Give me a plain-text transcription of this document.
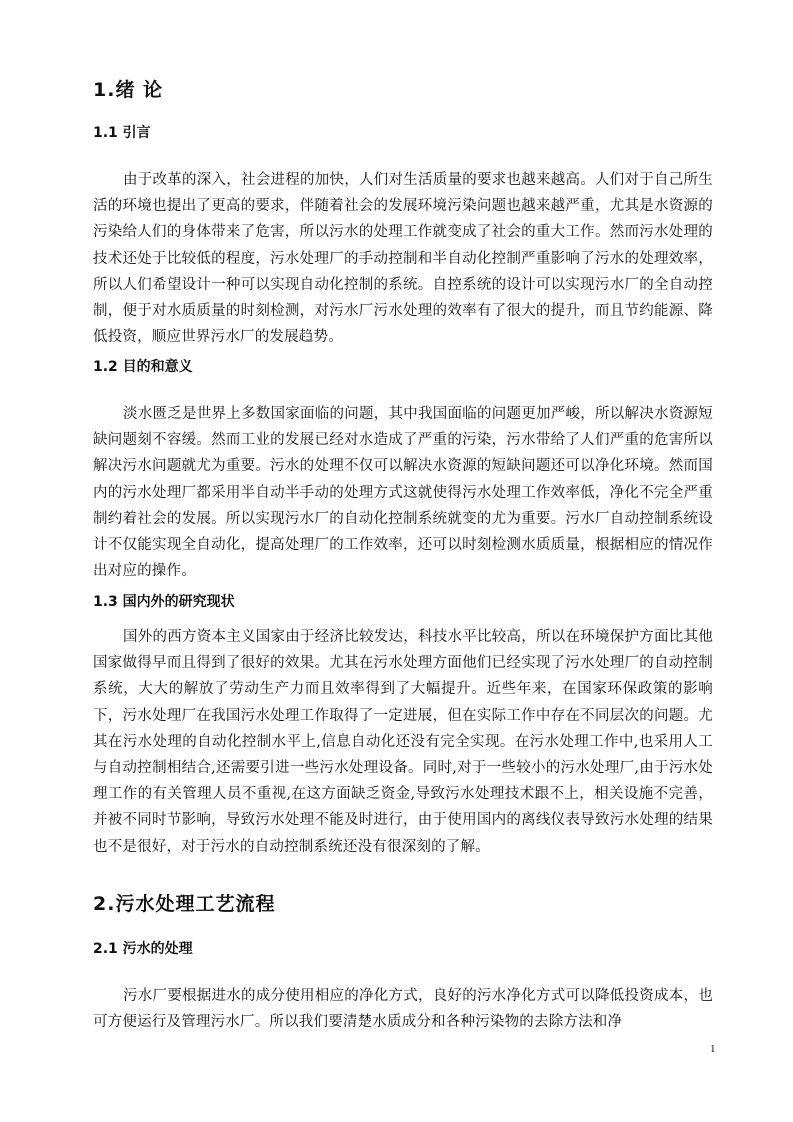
1.绪 论
1.1 引言

由于改革的深入，社会进程的加快，人们对生活质量的要求也越来越高。人们对于自己所生活的环境也提出了更高的要求，伴随着社会的发展环境污染问题也越来越严重，尤其是水资源的污染给人们的身体带来了危害，所以污水的处理工作就变成了社会的重大工作。然而污水处理的技术还处于比较低的程度，污水处理厂的手动控制和半自动化控制严重影响了污水的处理效率，所以人们希望设计一种可以实现自动化控制的系统。自控系统的设计可以实现污水厂的全自动控制，便于对水质质量的时刻检测，对污水厂污水处理的效率有了很大的提升，而且节约能源、降低投资，顺应世界污水厂的发展趋势。

1.2 目的和意义

淡水匮乏是世界上多数国家面临的问题，其中我国面临的问题更加严峻，所以解决水资源短缺问题刻不容缓。然而工业的发展已经对水造成了严重的污染，污水带给了人们严重的危害所以解决污水问题就尤为重要。污水的处理不仅可以解决水资源的短缺问题还可以净化环境。然而国内的污水处理厂都采用半自动半手动的处理方式这就使得污水处理工作效率低，净化不完全严重制约着社会的发展。所以实现污水厂的自动化控制系统就变的尤为重要。污水厂自动控制系统设计不仅能实现全自动化，提高处理厂的工作效率，还可以时刻检测水质质量，根据相应的情况作出对应的操作。

1.3 国内外的研究现状

国外的西方资本主义国家由于经济比较发达，科技水平比较高，所以在环境保护方面比其他国家做得早而且得到了很好的效果。尤其在污水处理方面他们已经实现了污水处理厂的自动控制系统，大大的解放了劳动生产力而且效率得到了大幅提升。近些年来，在国家环保政策的影响下，污水处理厂在我国污水处理工作取得了一定进展，但在实际工作中存在不同层次的问题。尤其在污水处理的自动化控制水平上,信息自动化还没有完全实现。在污水处理工作中,也采用人工与自动控制相结合,还需要引进一些污水处理设备。同时,对于一些较小的污水处理厂,由于污水处理工作的有关管理人员不重视,在这方面缺乏资金,导致污水处理技术跟不上，相关设施不完善，并被不同时节影响，导致污水处理不能及时进行，由于使用国内的离线仪表导致污水处理的结果也不是很好，对于污水的自动控制系统还没有很深刻的了解。

2.污水处理工艺流程
2.1 污水的处理

污水厂要根据进水的成分使用相应的净化方式，良好的污水净化方式可以降低投资成本，也可方便运行及管理污水厂。所以我们要清楚水质成分和各种污染物的去除方法和净

1
